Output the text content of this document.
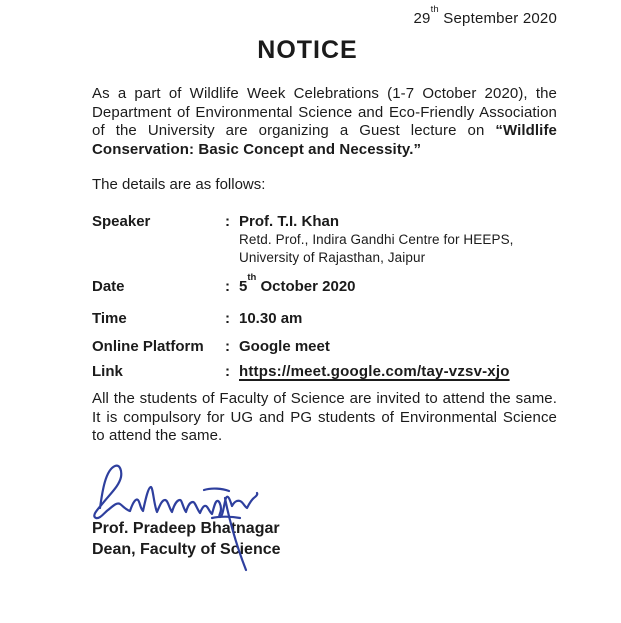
29th September 2020
NOTICE

As a part of Wildlife Week Celebrations (1-7 October 2020), the Department of Environmental Science and Eco-Friendly Association of the University are organizing a Guest lecture on “Wildlife Conservation: Basic Concept and Necessity.”

The details are as follows:

Speaker	: Prof. T.I. Khan
Retd. Prof., Indira Gandhi Centre for HEEPS,
University of Rajasthan, Jaipur
Date	: 5th October 2020
Time	: 10.30 am
Online Platform	: Google meet
Link	: https://meet.google.com/tay-vzsv-xjo

All the students of Faculty of Science are invited to attend the same. It is compulsory for UG and PG students of Environmental Science to attend the same.

Prof. Pradeep Bhatnagar
Dean, Faculty of Science
